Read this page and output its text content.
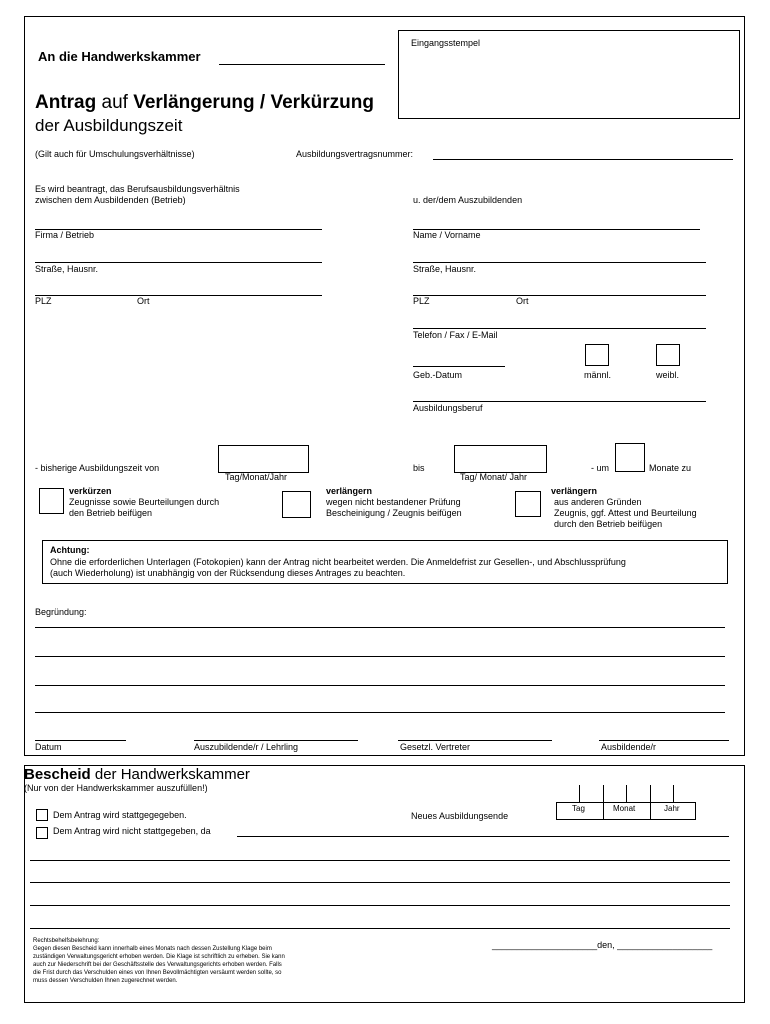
An die Handwerkskammer
Eingangsstempel
Antrag auf Verlängerung / Verkürzung
der Ausbildungszeit
(Gilt auch für Umschulungsverhältnisse)	Ausbildungsvertragsnummer:
Es wird beantragt, das Berufsausbildungsverhältnis
zwischen dem Ausbildenden (Betrieb)	u. der/dem Auszubildenden
Firma / Betrieb	Name / Vorname
Straße, Hausnr.	Straße, Hausnr.
PLZ	Ort	PLZ	Ort
Telefon / Fax / E-Mail
Geb.-Datum	männl.	weibl.
Ausbildungsberuf
- bisherige Ausbildungszeit von
Tag/Monat/Jahr
bis
Tag/ Monat/ Jahr
- um	Monate zu
verkürzen
Zeugnisse sowie Beurteilungen durch
den Betrieb beifügen
verlängern
wegen nicht bestandener Prüfung
Bescheinigung / Zeugnis beifügen
verlängern
aus anderen Gründen
Zeugnis, ggf. Attest und Beurteilung
durch den Betrieb beifügen
Achtung:
Ohne die erforderlichen Unterlagen (Fotokopien) kann der Antrag nicht bearbeitet werden. Die Anmeldefrist zur Gesellen-, und Abschlussprüfung
(auch Wiederholung) ist unabhängig von der Rücksendung dieses Antrages zu beachten.
Begründung:
Datum	Auszubildende/r / Lehrling	Gesetzl. Vertreter	Ausbildende/r
Bescheid der Handwerkskammer
(Nur von der Handwerkskammer auszufüllen!)
Dem Antrag wird stattgegegeben.
Dem Antrag wird nicht stattgegeben, da
Neues Ausbildungsende
Tag	Monat	Jahr
Rechtsbehelfsbelehrung:
Gegen diesen Bescheid kann innerhalb eines Monats nach dessen Zustellung Klage beim
zuständigen Verwaltungsgericht erhoben werden. Die Klage ist schriftlich zu erheben. Sie kann
auch zur Niederschrift bei der Geschäftsstelle des Verwaltungsgerichts erhoben werden. Falls
die Frist durch das Verschulden eines von Ihnen Bevollmächtigten versäumt werden sollte, so
muss dessen Verschulden Ihnen zugerechnet werden.
_____________________den, ___________________
